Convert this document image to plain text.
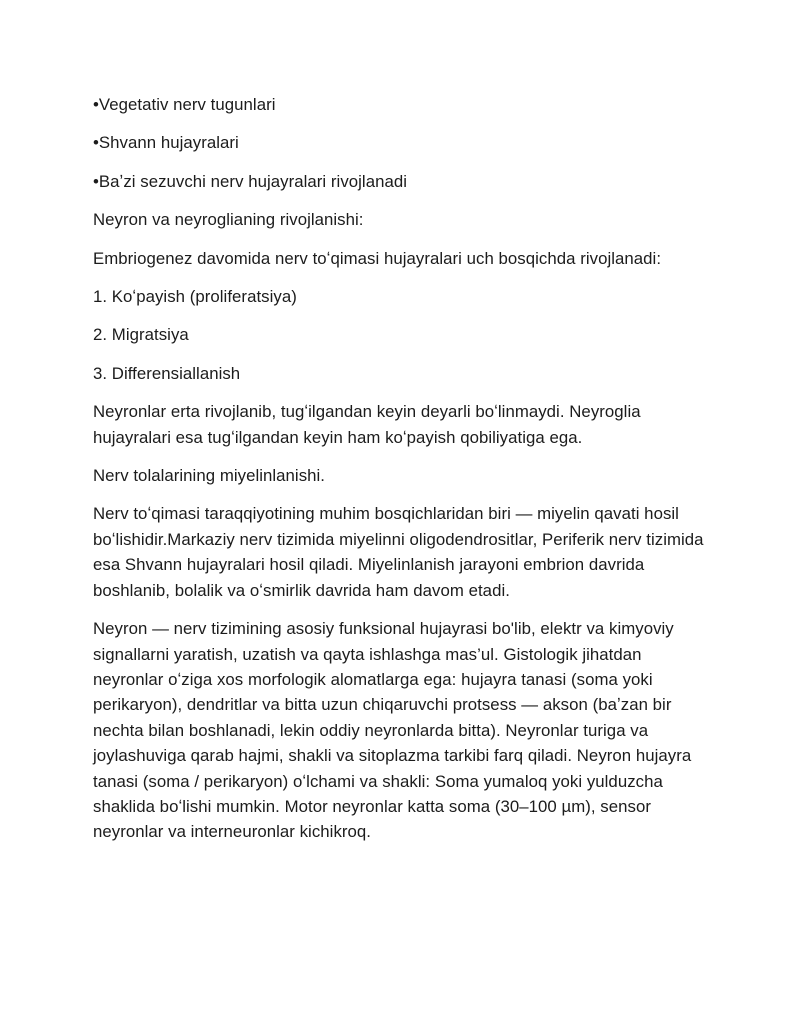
•Vegetativ nerv tugunlari

•Shvann hujayralari

•Baʼzi sezuvchi nerv hujayralari rivojlanadi

Neyron va neyroglianing rivojlanishi:

Embriogenez davomida nerv toʻqimasi hujayralari uch bosqichda rivojlanadi:

1. Koʻpayish (proliferatsiya)

2. Migratsiya

3. Differensiallanish

Neyronlar erta rivojlanib, tugʻilgandan keyin deyarli boʻlinmaydi. Neyroglia hujayralari esa tugʻilgandan keyin ham koʻpayish qobiliyatiga ega.

Nerv tolalarining miyelinlanishi.

Nerv toʻqimasi taraqqiyotining muhim bosqichlaridan biri — miyelin qavati hosil boʻlishidir.Markaziy nerv tizimida miyelinni oligodendrositlar, Periferik nerv tizimida esa Shvann hujayralari hosil qiladi. Miyelinlanish jarayoni embrion davrida boshlanib, bolalik va oʻsmirlik davrida ham davom etadi.

Neyron — nerv tizimining asosiy funksional hujayrasi bo'lib, elektr va kimyoviy signallarni yaratish, uzatish va qayta ishlashga mas’ul. Gistologik jihatdan neyronlar oʻziga xos morfologik alomatlarga ega: hujayra tanasi (soma yoki perikaryon), dendritlar va bitta uzun chiqaruvchi protsess — akson (baʼzan bir nechta bilan boshlanadi, lekin oddiy neyronlarda bitta). Neyronlar turiga va joylashuviga qarab hajmi, shakli va sitoplazma tarkibi farq qiladi. Neyron hujayra tanasi (soma / perikaryon) oʻlchami va shakli: Soma yumaloq yoki yulduzcha shaklida boʻlishi mumkin. Motor neyronlar katta soma (30–100 µm), sensor neyronlar va interneuronlar kichikroq.
